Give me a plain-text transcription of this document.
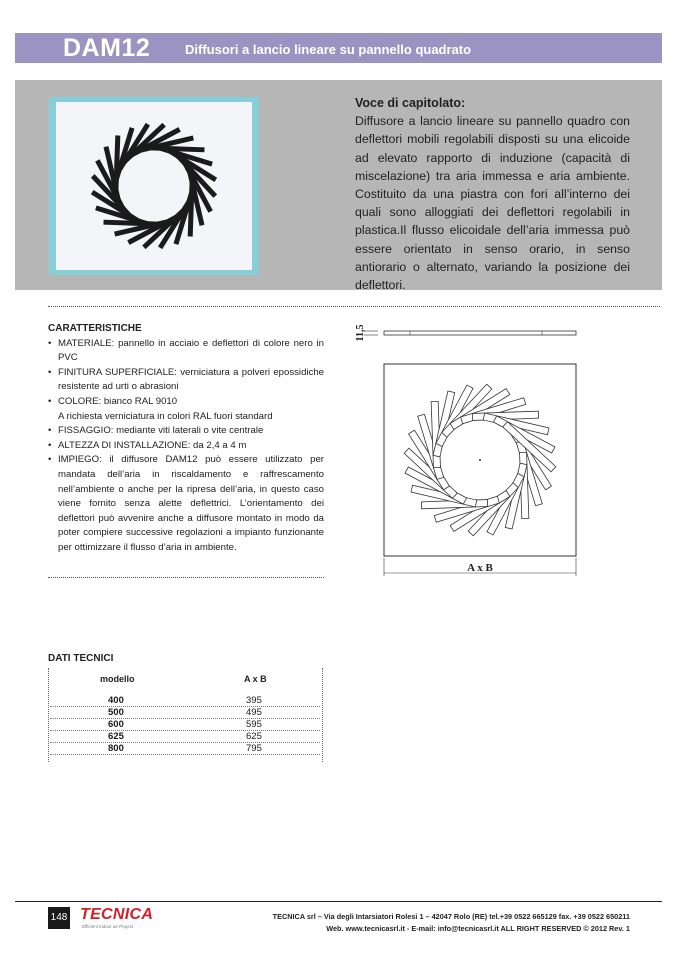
DAM12	Diffusori a lancio lineare su pannello quadrato
Voce di capitolato:
Diffusore a lancio lineare su pannello quadro con deflettori mobili regolabili disposti su una elicoide ad elevato rapporto di induzione (capacità di miscelazione) tra aria immessa e aria ambiente. Costituito da una piastra con fori all’interno dei quali sono alloggiati dei deflettori regolabili in plastica.Il flusso elicoidale dell’aria immessa può essere orientato in senso orario, in senso antiorario o alternato, variando la posizione dei deflettori.
CARATTERISTICHE
• MATERIALE: pannello in acciaio e deflettori di colore nero in PVC
• FINITURA SUPERFICIALE: verniciatura a polveri epossidiche resistente ad urti o abrasioni
• COLORE: bianco RAL 9010
A richiesta verniciatura in colori RAL fuori standard
• FISSAGGIO: mediante viti laterali o vite centrale
• ALTEZZA DI INSTALLAZIONE: da 2,4 a 4 m
• IMPIEGO: il diffusore DAM12 può essere utilizzato per mandata dell’aria in riscaldamento e raffrescamento nell’ambiente o anche per la ripresa dell’aria, in questo caso viene fornito senza alette deflettrici. L’orientamento dei deflettori può avvenire anche a diffusore montato in modo da poter compiere successive regolazioni a impianto funzionante per ottimizzare il flusso d’aria in ambiente.
11,5
A x B
DATI TECNICI
modello	A x B
400	395
500	495
600	595
625	625
800	795
148 TECNICA
Efficient indoor air Project
TECNICA srl – Via degli Intarsiatori Rolesi 1 – 42047 Rolo (RE) tel.+39 0522 665129 fax. +39 0522 650211
Web. www.tecnicasrl.it - E-mail: info@tecnicasrl.it ALL RIGHT RESERVED © 2012 Rev. 1
